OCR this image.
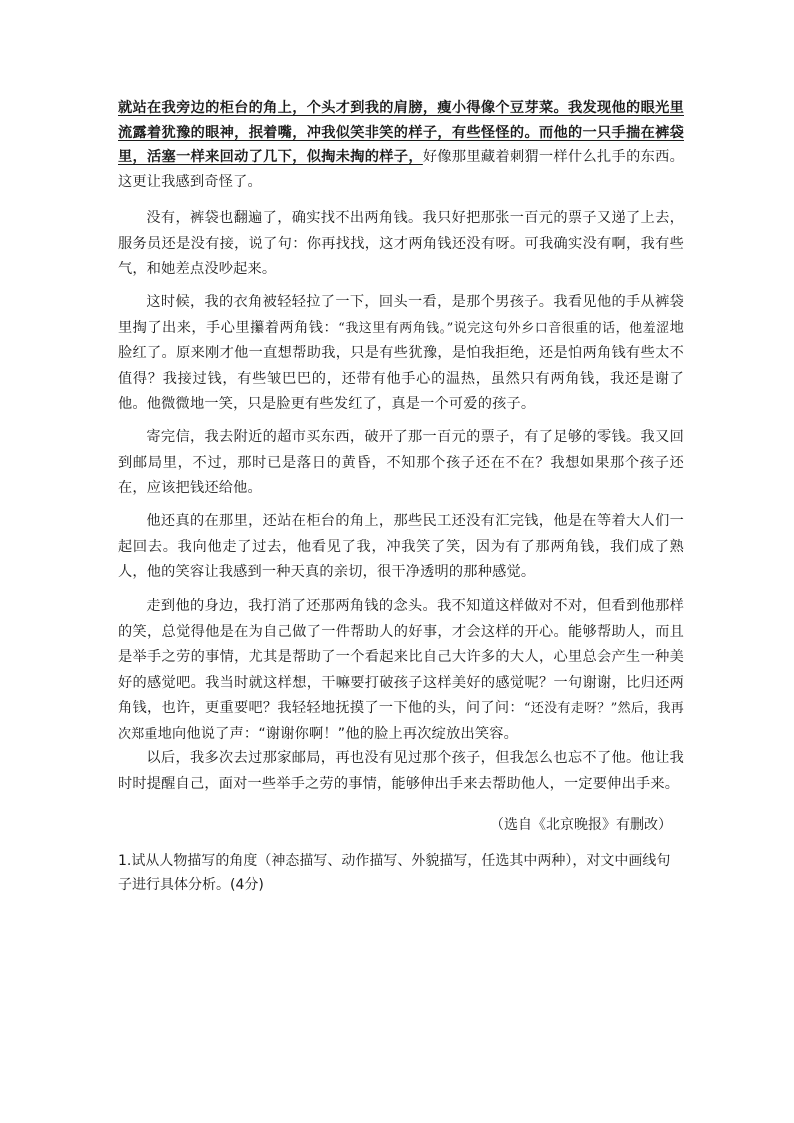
就站在我旁边的柜台的角上，个头才到我的肩膀，瘦小得像个豆芽菜。我发现他的眼光里流露着犹豫的眼神，抿着嘴，冲我似笑非笑的样子，有些怪怪的。而他的一只手揣在裤袋里，活塞一样来回动了几下，似掏未掏的样子，好像那里藏着刺猬一样什么扎手的东西。这更让我感到奇怪了。
没有，裤袋也翻遍了，确实找不出两角钱。我只好把那张一百元的票子又递了上去，服务员还是没有接，说了句：你再找找，这才两角钱还没有呀。可我确实没有啊，我有些气，和她差点没吵起来。
这时候，我的衣角被轻轻拉了一下，回头一看，是那个男孩子。我看见他的手从裤袋里掏了出来，手心里攥着两角钱：“我这里有两角钱。”说完这句外乡口音很重的话，他羞涩地脸红了。原来刚才他一直想帮助我，只是有些犹豫，是怕我拒绝，还是怕两角钱有些太不值得？我接过钱，有些皱巴巴的，还带有他手心的温热，虽然只有两角钱，我还是谢了他。他微微地一笑，只是脸更有些发红了，真是一个可爱的孩子。
寄完信，我去附近的超市买东西，破开了那一百元的票子，有了足够的零钱。我又回到邮局里，不过，那时已是落日的黄昏，不知那个孩子还在不在？我想如果那个孩子还在，应该把钱还给他。
他还真的在那里，还站在柜台的角上，那些民工还没有汇完钱，他是在等着大人们一起回去。我向他走了过去，他看见了我，冲我笑了笑，因为有了那两角钱，我们成了熟人，他的笑容让我感到一种天真的亲切，很干净透明的那种感觉。
走到他的身边，我打消了还那两角钱的念头。我不知道这样做对不对，但看到他那样的笑，总觉得他是在为自己做了一件帮助人的好事，才会这样的开心。能够帮助人，而且是举手之劳的事情，尤其是帮助了一个看起来比自己大许多的大人，心里总会产生一种美好的感觉吧。我当时就这样想，干嘛要打破孩子这样美好的感觉呢？一句谢谢，比归还两角钱，也许，更重要吧？我轻轻地抚摸了一下他的头，问了问：“还没有走呀？”然后，我再次郑重地向他说了声：“谢谢你啊！”他的脸上再次绽放出笑容。
以后，我多次去过那家邮局，再也没有见过那个孩子，但我怎么也忘不了他。他让我时时提醒自己，面对一些举手之劳的事情，能够伸出手来去帮助他人，一定要伸出手来。
（选自《北京晚报》有删改）
1.试从人物描写的角度（神态描写、动作描写、外貌描写，任选其中两种），对文中画线句子进行具体分析。(4分)
